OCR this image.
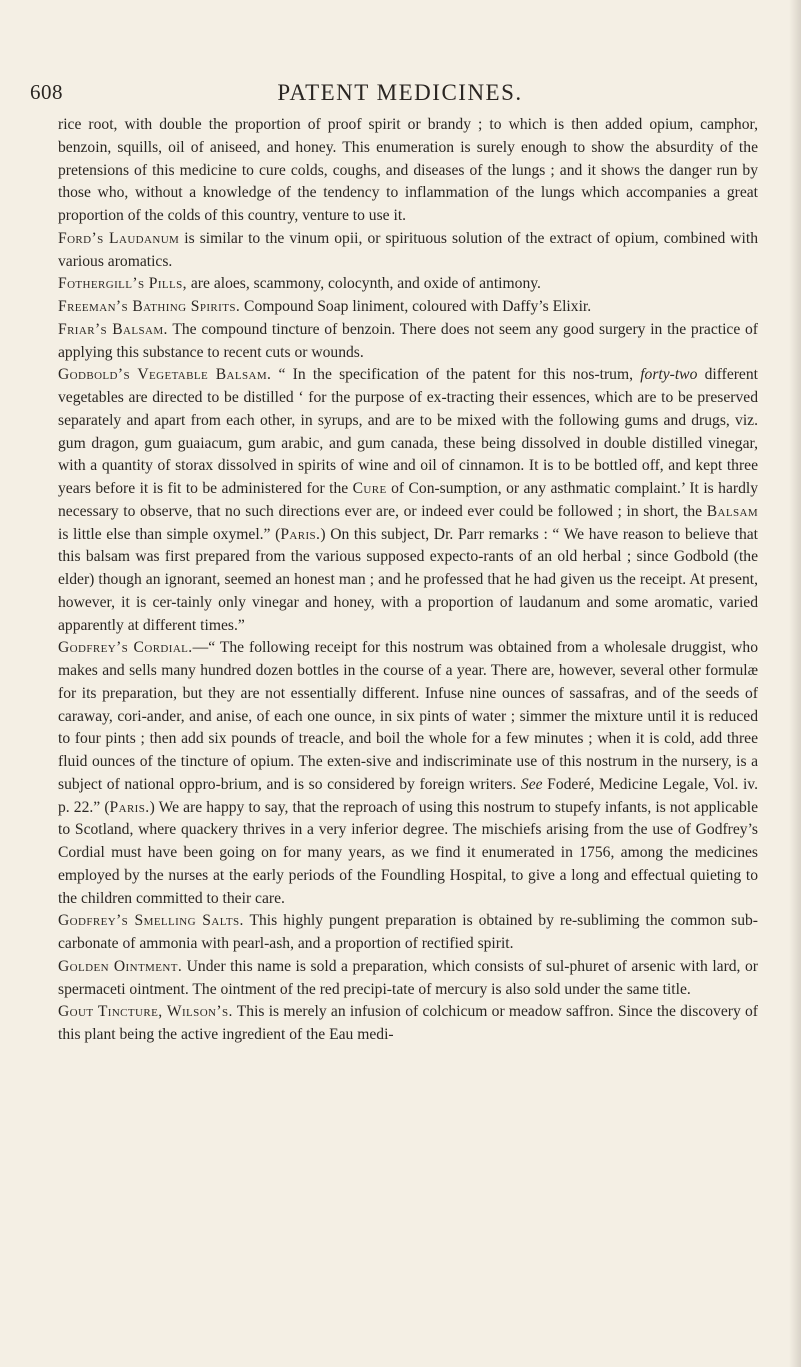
608	PATENT MEDICINES.

rice root, with double the proportion of proof spirit or brandy ; to which is then added opium, camphor, benzoin, squills, oil of aniseed, and honey. This enumeration is surely enough to show the absurdity of the pretensions of this medicine to cure colds, coughs, and diseases of the lungs ; and it shows the danger run by those who, without a knowledge of the tendency to inflammation of the lungs which accompanies a great proportion of the colds of this country, venture to use it.

Ford’s Laudanum is similar to the vinum opii, or spirituous solution of the extract of opium, combined with various aromatics.

Fothergill’s Pills, are aloes, scammony, colocynth, and oxide of antimony.

Freeman’s Bathing Spirits. Compound Soap liniment, coloured with Daffy’s Elixir.

Friar’s Balsam. The compound tincture of benzoin. There does not seem any good surgery in the practice of applying this substance to recent cuts or wounds.

Godbold’s Vegetable Balsam. “ In the specification of the patent for this nos-trum, forty-two different vegetables are directed to be distilled ‘ for the purpose of ex-tracting their essences, which are to be preserved separately and apart from each other, in syrups, and are to be mixed with the following gums and drugs, viz. gum dragon, gum guaiacum, gum arabic, and gum canada, these being dissolved in double distilled vinegar, with a quantity of storax dissolved in spirits of wine and oil of cinnamon. It is to be bottled off, and kept three years before it is fit to be administered for the Cure of Con-sumption, or any asthmatic complaint.’ It is hardly necessary to observe, that no such directions ever are, or indeed ever could be followed ; in short, the Balsam is little else than simple oxymel.” (Paris.) On this subject, Dr. Parr remarks : “ We have reason to believe that this balsam was first prepared from the various supposed expecto-rants of an old herbal ; since Godbold (the elder) though an ignorant, seemed an honest man ; and he professed that he had given us the receipt. At present, however, it is cer-tainly only vinegar and honey, with a proportion of laudanum and some aromatic, varied apparently at different times.”

Godfrey’s Cordial.—“ The following receipt for this nostrum was obtained from a wholesale druggist, who makes and sells many hundred dozen bottles in the course of a year. There are, however, several other formulæ for its preparation, but they are not essentially different. Infuse nine ounces of sassafras, and of the seeds of caraway, cori-ander, and anise, of each one ounce, in six pints of water ; simmer the mixture until it is reduced to four pints ; then add six pounds of treacle, and boil the whole for a few minutes ; when it is cold, add three fluid ounces of the tincture of opium. The exten-sive and indiscriminate use of this nostrum in the nursery, is a subject of national oppro-brium, and is so considered by foreign writers. See Foderé, Medicine Legale, Vol. iv. p. 22.” (Paris.) We are happy to say, that the reproach of using this nostrum to stupefy infants, is not applicable to Scotland, where quackery thrives in a very inferior degree. The mischiefs arising from the use of Godfrey’s Cordial must have been going on for many years, as we find it enumerated in 1756, among the medicines employed by the nurses at the early periods of the Foundling Hospital, to give a long and effectual quieting to the children committed to their care.

Godfrey’s Smelling Salts. This highly pungent preparation is obtained by re-subliming the common sub-carbonate of ammonia with pearl-ash, and a proportion of rectified spirit.

Golden Ointment. Under this name is sold a preparation, which consists of sul-phuret of arsenic with lard, or spermaceti ointment. The ointment of the red precipi-tate of mercury is also sold under the same title.

Gout Tincture, Wilson’s. This is merely an infusion of colchicum or meadow saffron. Since the discovery of this plant being the active ingredient of the Eau medi-
